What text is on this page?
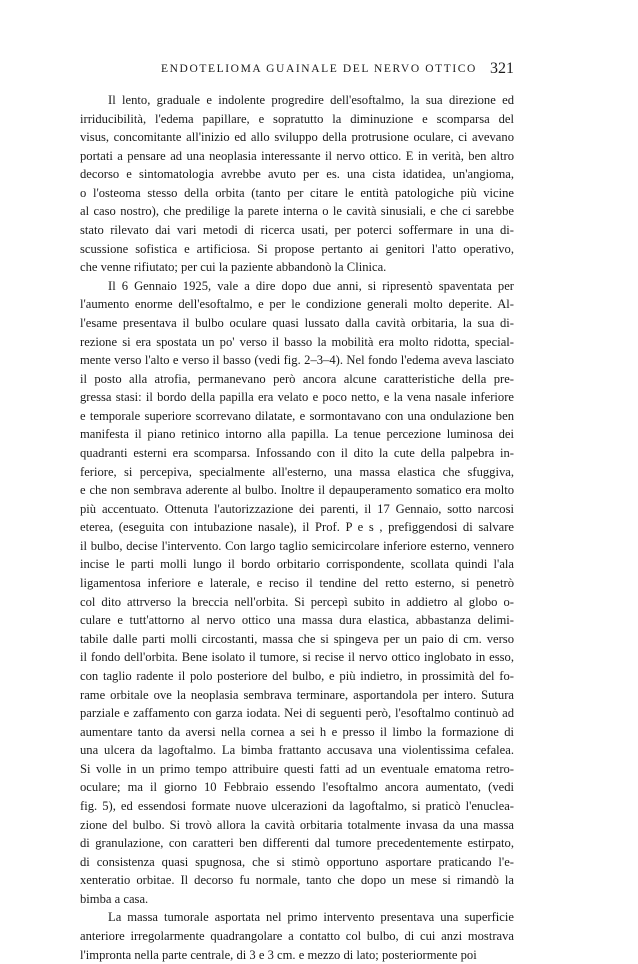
ENDOTELIOMA GUAINALE DEL NERVO OTTICO 321
Il lento, graduale e indolente progredire dell'esoftalmo, la sua direzione ed
irriducibilità, l'edema papillare, e sopratutto la diminuzione e scomparsa del
visus, concomitante all'inizio ed allo sviluppo della protrusione oculare, ci avevano
portati a pensare ad una neoplasia interessante il nervo ottico. E in verità, ben altro
decorso e sintomatologia avrebbe avuto per es. una cista idatidea, un'angioma,
o l'osteoma stesso della orbita (tanto per citare le entità patologiche più vicine
al caso nostro), che predilige la parete interna o le cavità sinusiali, e che ci sarebbe
stato rilevato dai vari metodi di ricerca usati, per poterci soffermare in una di-
scussione sofistica e artificiosa. Si propose pertanto ai genitori l'atto operativo,
che venne rifiutato; per cui la paziente abbandonò la Clinica.
Il 6 Gennaio 1925, vale a dire dopo due anni, si ripresentò spaventata per
l'aumento enorme dell'esoftalmo, e per le condizione generali molto deperite. Al-
l'esame presentava il bulbo oculare quasi lussato dalla cavità orbitaria, la sua di-
rezione si era spostata un po' verso il basso la mobilità era molto ridotta, special-
mente verso l'alto e verso il basso (vedi fig. 2–3–4). Nel fondo l'edema aveva lasciato
il posto alla atrofia, permanevano però ancora alcune caratteristiche della pre-
gressa stasi: il bordo della papilla era velato e poco netto, e la vena nasale inferiore
e temporale superiore scorrevano dilatate, e sormontavano con una ondulazione ben
manifesta il piano retinico intorno alla papilla. La tenue percezione luminosa dei
quadranti esterni era scomparsa. Infossando con il dito la cute della palpebra in-
feriore, si percepiva, specialmente all'esterno, una massa elastica che sfuggiva,
e che non sembrava aderente al bulbo. Inoltre il depauperamento somatico era molto
più accentuato. Ottenuta l'autorizzazione dei parenti, il 17 Gennaio, sotto narcosi
eterea, (eseguita con intubazione nasale), il Prof. P e s , prefiggendosi di salvare
il bulbo, decise l'intervento. Con largo taglio semicircolare inferiore esterno, vennero
incise le parti molli lungo il bordo orbitario corrispondente, scollata quindi l'ala
ligamentosa inferiore e laterale, e reciso il tendine del retto esterno, si penetrò
col dito attrverso la breccia nell'orbita. Si percepì subito in addietro al globo o-
culare e tutt'attorno al nervo ottico una massa dura elastica, abbastanza delimi-
tabile dalle parti molli circostanti, massa che si spingeva per un paio di cm. verso
il fondo dell'orbita. Bene isolato il tumore, si recise il nervo ottico inglobato in esso,
con taglio radente il polo posteriore del bulbo, e più indietro, in prossimità del fo-
rame orbitale ove la neoplasia sembrava terminare, asportandola per intero. Sutura
parziale e zaffamento con garza iodata. Nei di seguenti però, l'esoftalmo continuò ad
aumentare tanto da aversi nella cornea a sei h e presso il limbo la formazione di
una ulcera da lagoftalmo. La bimba frattanto accusava una violentissima cefalea.
Si volle in un primo tempo attribuire questi fatti ad un eventuale ematoma retro-
oculare; ma il giorno 10 Febbraio essendo l'esoftalmo ancora aumentato, (vedi
fig. 5), ed essendosi formate nuove ulcerazioni da lagoftalmo, si praticò l'enuclea-
zione del bulbo. Si trovò allora la cavità orbitaria totalmente invasa da una massa
di granulazione, con caratteri ben differenti dal tumore precedentemente estirpato,
di consistenza quasi spugnosa, che si stimò opportuno asportare praticando l'e-
xenteratio orbitae. Il decorso fu normale, tanto che dopo un mese si rimandò la
bimba a casa.
La massa tumorale asportata nel primo intervento presentava una superficie
anteriore irregolarmente quadrangolare a contatto col bulbo, di cui anzi mostrava
l'impronta nella parte centrale, di 3 e 3 cm. e mezzo di lato; posteriormente poi
